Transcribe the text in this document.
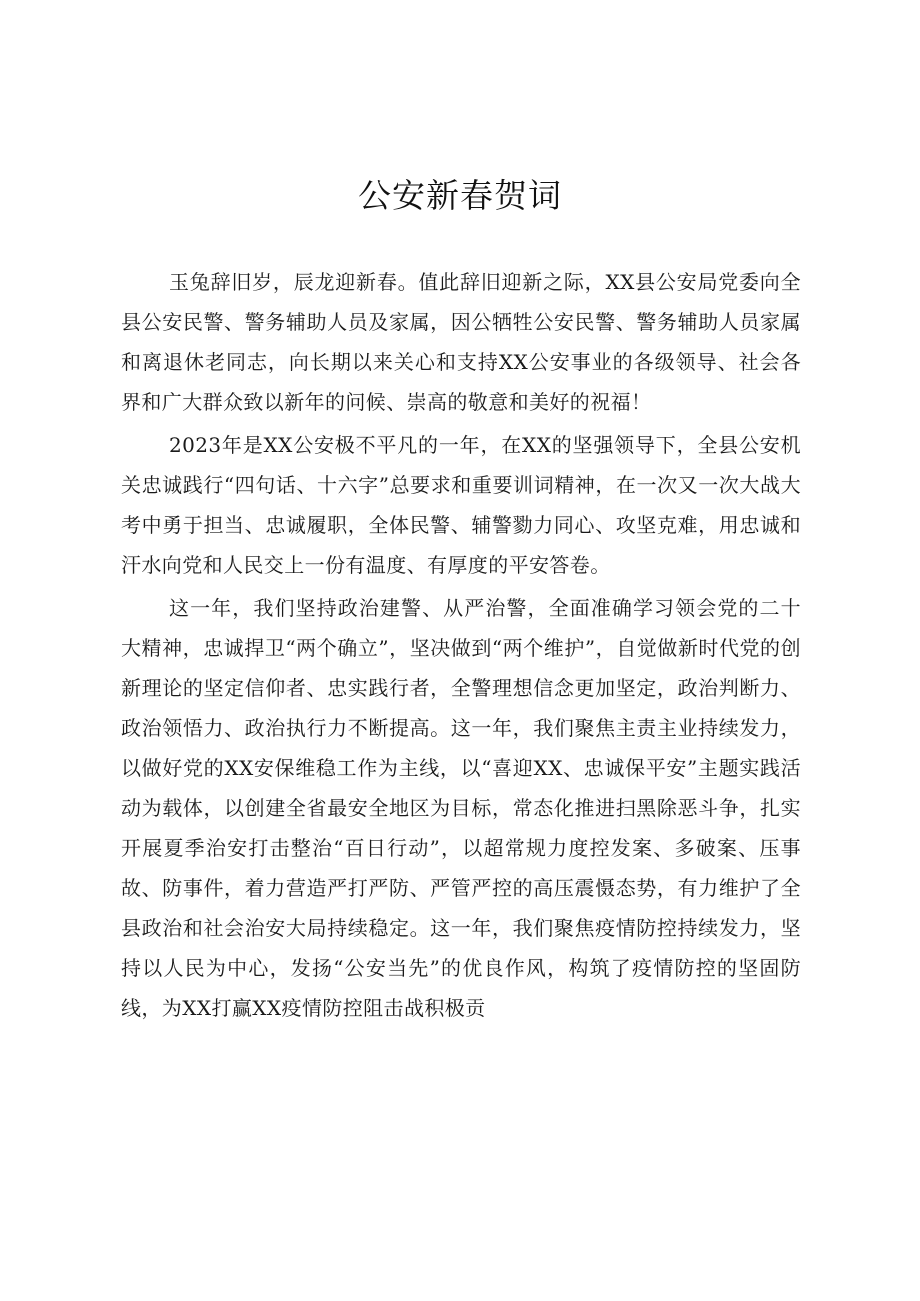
公安新春贺词

玉兔辞旧岁，辰龙迎新春。值此辞旧迎新之际，XX县公安局党委向全县公安民警、警务辅助人员及家属，因公牺牲公安民警、警务辅助人员家属和离退休老同志，向长期以来关心和支持XX公安事业的各级领导、社会各界和广大群众致以新年的问候、崇高的敬意和美好的祝福！

2023年是XX公安极不平凡的一年，在XX的坚强领导下，全县公安机关忠诚践行“四句话、十六字”总要求和重要训词精神，在一次又一次大战大考中勇于担当、忠诚履职，全体民警、辅警勠力同心、攻坚克难，用忠诚和汗水向党和人民交上一份有温度、有厚度的平安答卷。

这一年，我们坚持政治建警、从严治警，全面准确学习领会党的二十大精神，忠诚捍卫“两个确立”，坚决做到“两个维护”，自觉做新时代党的创新理论的坚定信仰者、忠实践行者，全警理想信念更加坚定，政治判断力、政治领悟力、政治执行力不断提高。这一年，我们聚焦主责主业持续发力，以做好党的XX安保维稳工作为主线，以“喜迎XX、忠诚保平安”主题实践活动为载体，以创建全省最安全地区为目标，常态化推进扫黑除恶斗争，扎实开展夏季治安打击整治“百日行动”，以超常规力度控发案、多破案、压事故、防事件，着力营造严打严防、严管严控的高压震慑态势，有力维护了全县政治和社会治安大局持续稳定。这一年，我们聚焦疫情防控持续发力，坚持以人民为中心，发扬“公安当先”的优良作风，构筑了疫情防控的坚固防线，为XX打赢XX疫情防控阻击战积极贡
